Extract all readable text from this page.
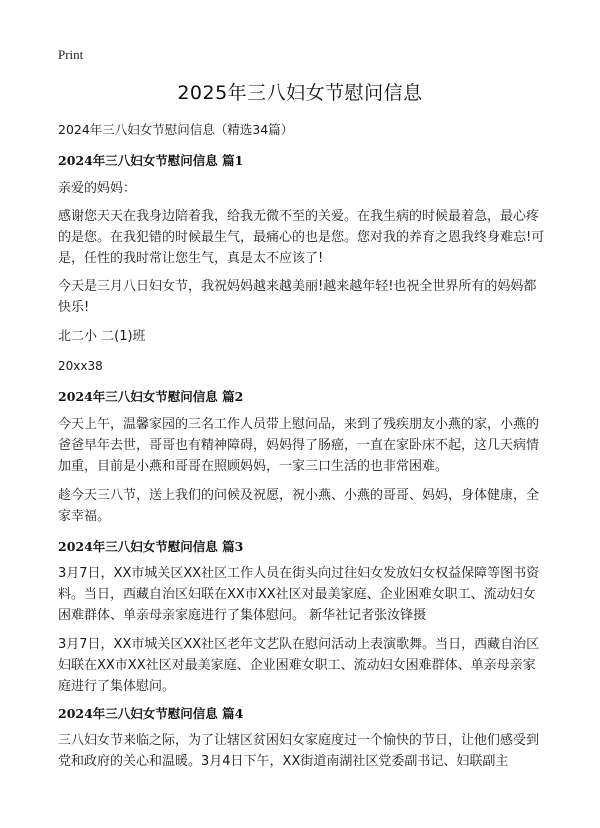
Print
2025年三八妇女节慰问信息
2024年三八妇女节慰问信息（精选34篇）
2024年三八妇女节慰问信息 篇1
亲爱的妈妈：
感谢您天天在我身边陪着我，给我无微不至的关爱。在我生病的时候最着急，最心疼的是您。在我犯错的时候最生气，最痛心的也是您。您对我的养育之恩我终身难忘!可是，任性的我时常让您生气，真是太不应该了!
今天是三月八日妇女节，我祝妈妈越来越美丽!越来越年轻!也祝全世界所有的妈妈都快乐!
北二小 二(1)班
20xx38
2024年三八妇女节慰问信息 篇2
今天上午，温馨家园的三名工作人员带上慰问品，来到了残疾朋友小燕的家，小燕的爸爸早年去世，哥哥也有精神障碍，妈妈得了肠癌，一直在家卧床不起，这几天病情加重，目前是小燕和哥哥在照顾妈妈，一家三口生活的也非常困难。
趁今天三八节，送上我们的问候及祝愿，祝小燕、小燕的哥哥、妈妈，身体健康，全家幸福。
2024年三八妇女节慰问信息 篇3
3月7日，XX市城关区XX社区工作人员在街头向过往妇女发放妇女权益保障等图书资料。当日，西藏自治区妇联在XX市XX社区对最美家庭、企业困难女职工、流动妇女困难群体、单亲母亲家庭进行了集体慰问。 新华社记者张汝锋摄
3月7日，XX市城关区XX社区老年文艺队在慰问活动上表演歌舞。当日，西藏自治区妇联在XX市XX社区对最美家庭、企业困难女职工、流动妇女困难群体、单亲母亲家庭进行了集体慰问。
2024年三八妇女节慰问信息 篇4
三八妇女节来临之际，为了让辖区贫困妇女家庭度过一个愉快的节日，让他们感受到党和政府的关心和温暖。3月4日下午，XX街道南湖社区党委副书记、妇联副主
